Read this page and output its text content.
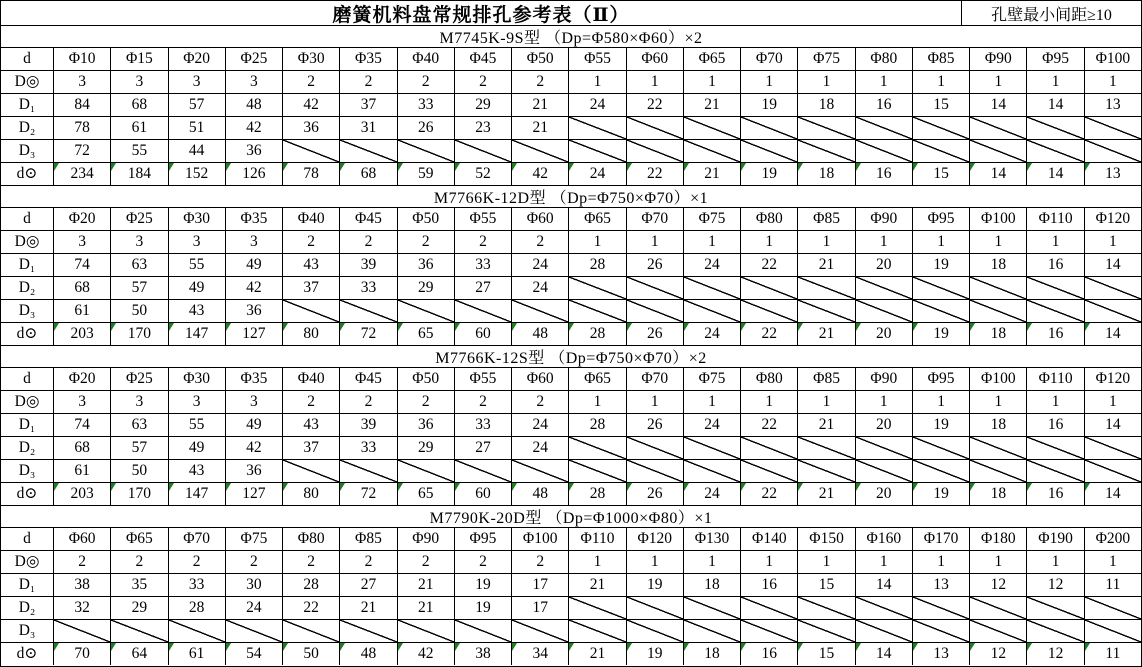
磨簧机料盘常规排孔参考表（Ⅱ）	孔壁最小间距≥10
M7745K-9S型 （Dp=Φ580×Φ60）×2
d	Φ10	Φ15	Φ20	Φ25	Φ30	Φ35	Φ40	Φ45	Φ50	Φ55	Φ60	Φ65	Φ70	Φ75	Φ80	Φ85	Φ90	Φ95	Φ100
D◎	3	3	3	3	2	2	2	2	2	1	1	1	1	1	1	1	1	1	1
D₁	84	68	57	48	42	37	33	29	21	24	22	21	19	18	16	15	14	14	13
D₂	78	61	51	42	36	31	26	23	21
D₃	72	55	44	36
d⊙	234	184	152	126	78	68	59	52	42	24	22	21	19	18	16	15	14	14	13
M7766K-12D型 （Dp=Φ750×Φ70）×1
d	Φ20	Φ25	Φ30	Φ35	Φ40	Φ45	Φ50	Φ55	Φ60	Φ65	Φ70	Φ75	Φ80	Φ85	Φ90	Φ95	Φ100	Φ110	Φ120
D◎	3	3	3	3	2	2	2	2	2	1	1	1	1	1	1	1	1	1	1
D₁	74	63	55	49	43	39	36	33	24	28	26	24	22	21	20	19	18	16	14
D₂	68	57	49	42	37	33	29	27	24
D₃	61	50	43	36
d⊙	203	170	147	127	80	72	65	60	48	28	26	24	22	21	20	19	18	16	14
M7766K-12S型 （Dp=Φ750×Φ70）×2
d	Φ20	Φ25	Φ30	Φ35	Φ40	Φ45	Φ50	Φ55	Φ60	Φ65	Φ70	Φ75	Φ80	Φ85	Φ90	Φ95	Φ100	Φ110	Φ120
D◎	3	3	3	3	2	2	2	2	2	1	1	1	1	1	1	1	1	1	1
D₁	74	63	55	49	43	39	36	33	24	28	26	24	22	21	20	19	18	16	14
D₂	68	57	49	42	37	33	29	27	24
D₃	61	50	43	36
d⊙	203	170	147	127	80	72	65	60	48	28	26	24	22	21	20	19	18	16	14
M7790K-20D型 （Dp=Φ1000×Φ80）×1
d	Φ60	Φ65	Φ70	Φ75	Φ80	Φ85	Φ90	Φ95	Φ100	Φ110	Φ120	Φ130	Φ140	Φ150	Φ160	Φ170	Φ180	Φ190	Φ200
D◎	2	2	2	2	2	2	2	2	2	1	1	1	1	1	1	1	1	1	1
D₁	38	35	33	30	28	27	21	19	17	21	19	18	16	15	14	13	12	12	11
D₂	32	29	28	24	22	21	21	19	17
D₃
d⊙	70	64	61	54	50	48	42	38	34	21	19	18	16	15	14	13	12	12	11
